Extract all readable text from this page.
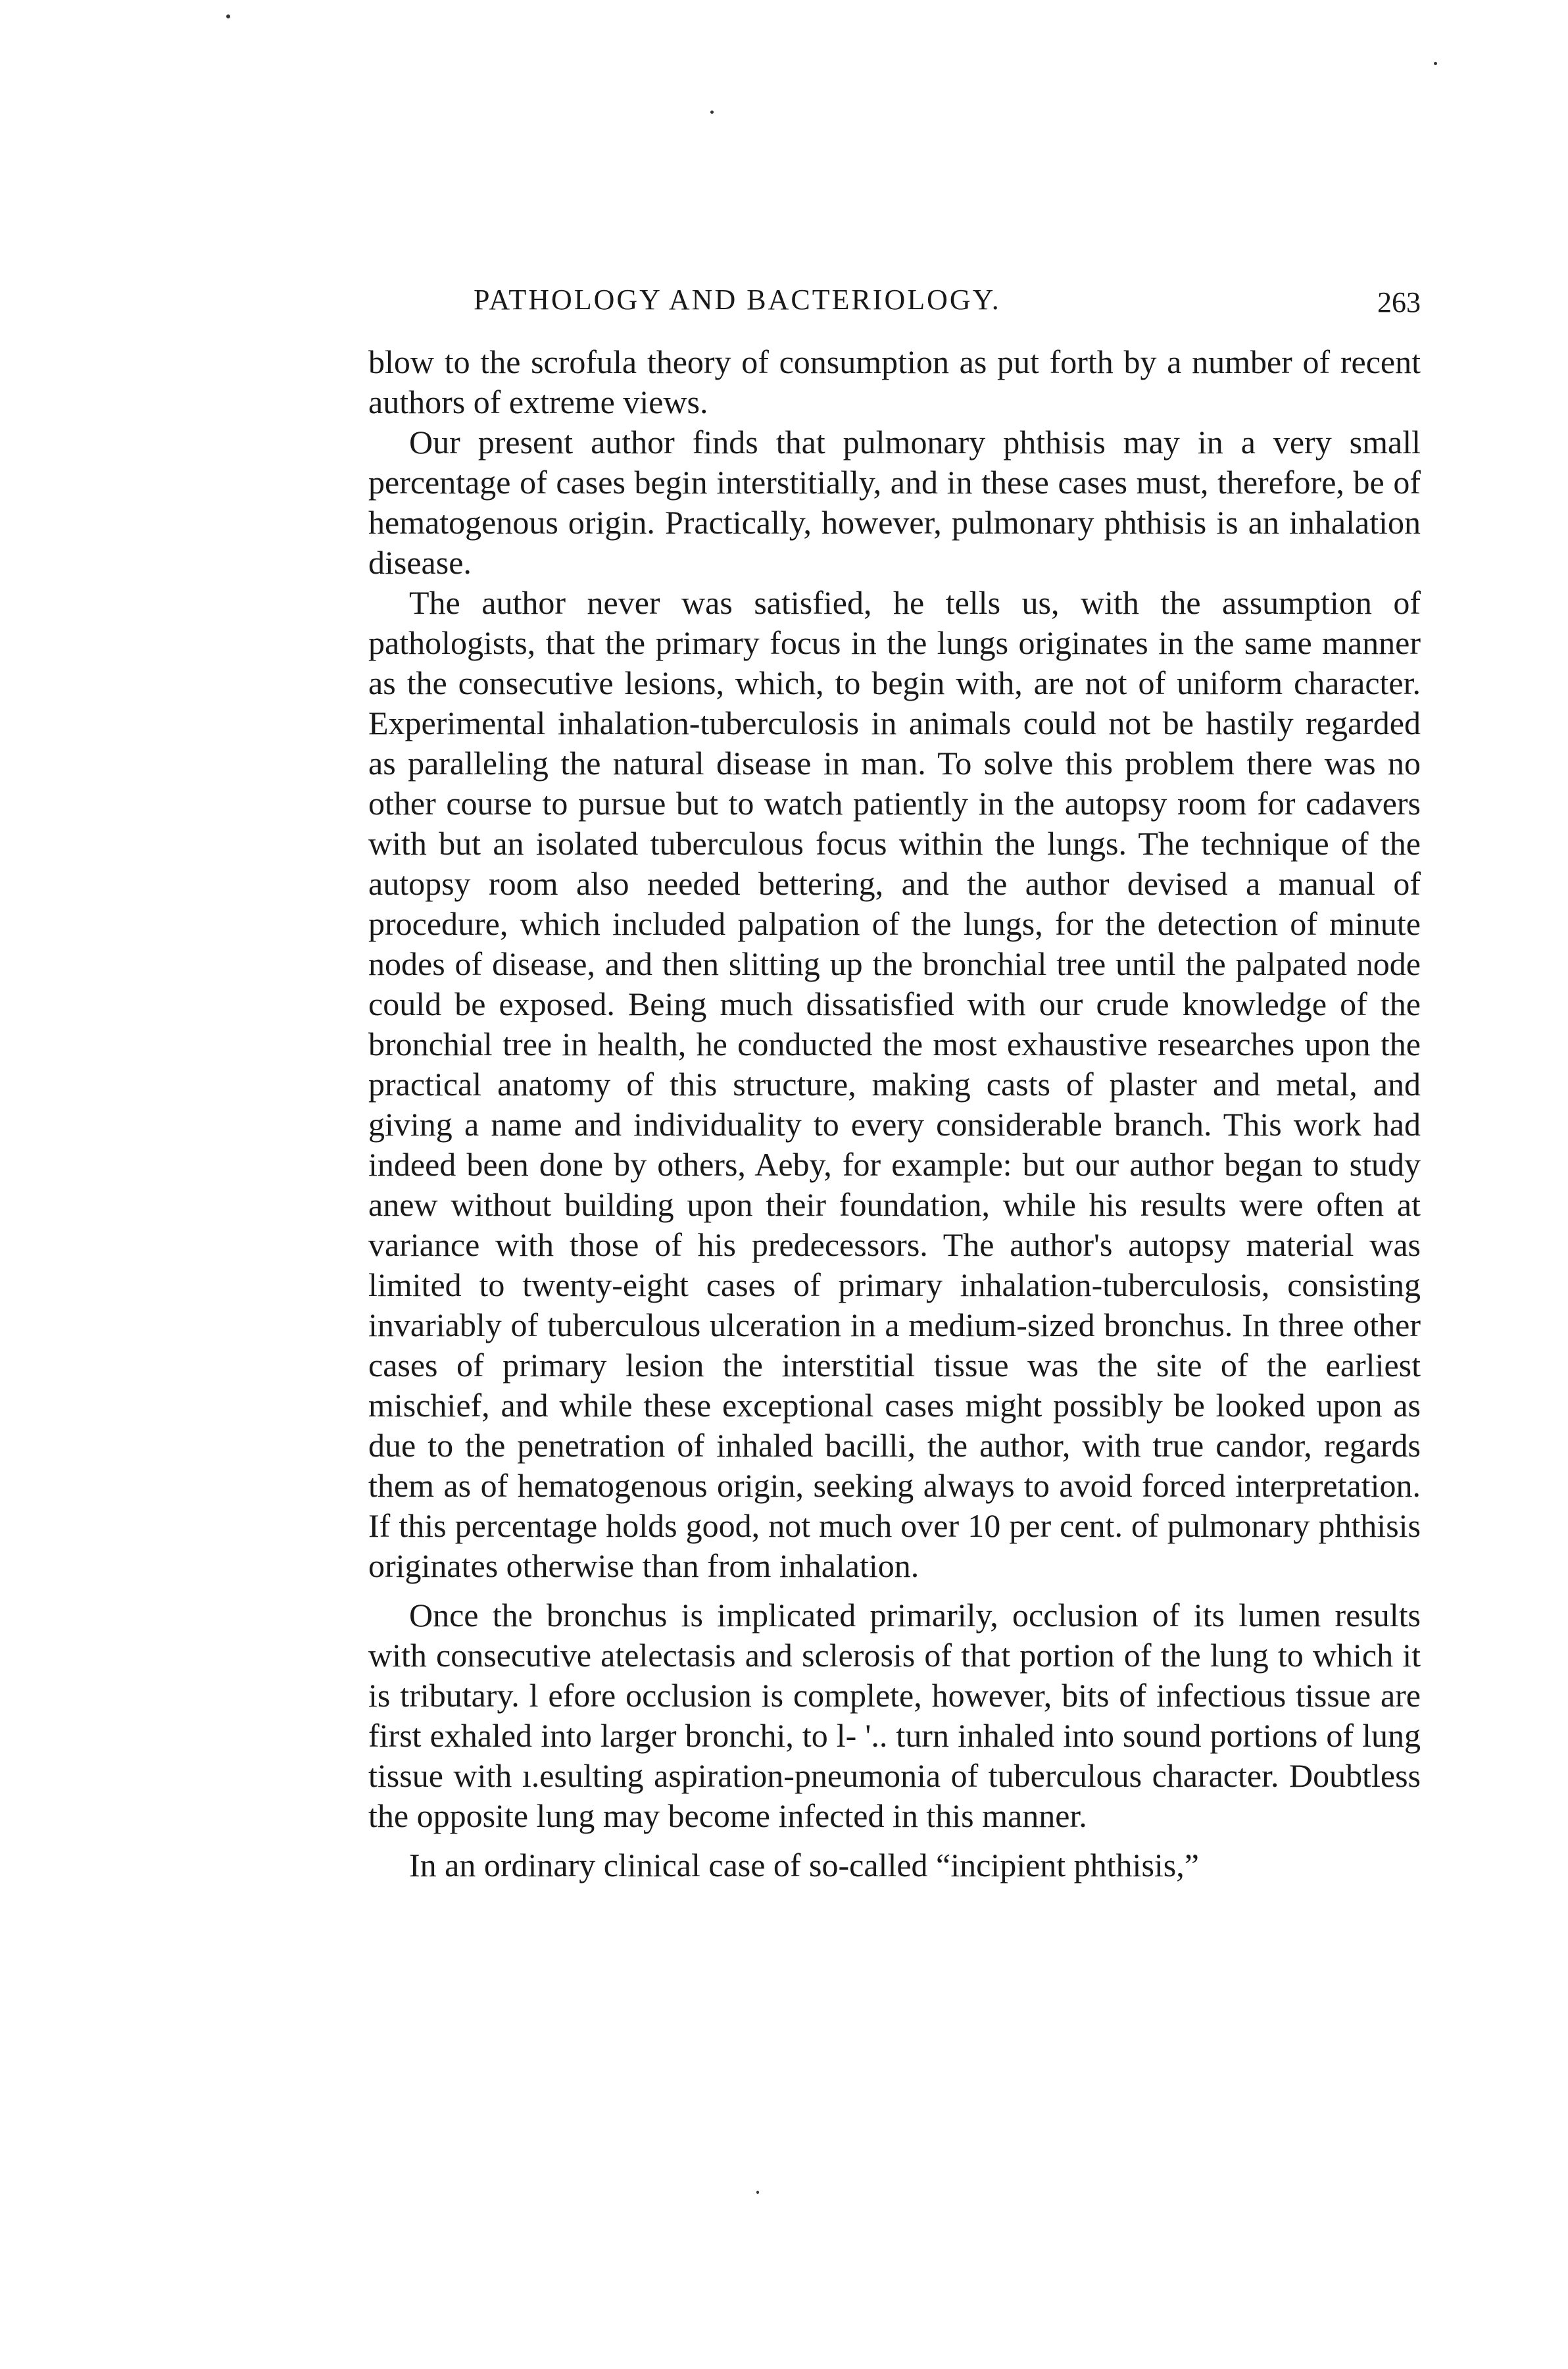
PATHOLOGY AND BACTERIOLOGY.	263

blow to the scrofula theory of consumption as put forth by a number of recent authors of extreme views.

Our present author finds that pulmonary phthisis may in a very small percentage of cases begin interstitially, and in these cases must, therefore, be of hematogenous origin. Practically, however, pulmonary phthisis is an inhalation disease.

The author never was satisfied, he tells us, with the assumption of pathologists, that the primary focus in the lungs originates in the same manner as the consecutive lesions, which, to begin with, are not of uniform character. Experimental inhalation-tuberculosis in animals could not be hastily regarded as paralleling the natural disease in man. To solve this problem there was no other course to pursue but to watch patiently in the autopsy room for cadavers with but an isolated tuberculous focus within the lungs. The technique of the autopsy room also needed bettering, and the author devised a manual of procedure, which included palpation of the lungs, for the detection of minute nodes of disease, and then slitting up the bronchial tree until the palpated node could be exposed. Being much dissatisfied with our crude knowledge of the bronchial tree in health, he conducted the most exhaustive researches upon the practical anatomy of this structure, making casts of plaster and metal, and giving a name and individuality to every considerable branch. This work had indeed been done by others, Aeby, for example: but our author began to study anew without building upon their foundation, while his results were often at variance with those of his predecessors. The author's autopsy material was limited to twenty-eight cases of primary inhalation-tuberculosis, consisting invariably of tuberculous ulceration in a medium-sized bronchus. In three other cases of primary lesion the interstitial tissue was the site of the earliest mischief, and while these exceptional cases might possibly be looked upon as due to the penetration of inhaled bacilli, the author, with true candor, regards them as of hematogenous origin, seeking always to avoid forced interpretation. If this percentage holds good, not much over 10 per cent. of pulmonary phthisis originates otherwise than from inhalation.

Once the bronchus is implicated primarily, occlusion of its lumen results with consecutive atelectasis and sclerosis of that portion of the lung to which it is tributary. l efore occlusion is complete, however, bits of infectious tissue are first exhaled into larger bronchi, to l- '.. turn inhaled into sound portions of lung tissue with ı.esulting aspiration-pneumonia of tuberculous character. Doubtless the opposite lung may become infected in this manner.

In an ordinary clinical case of so-called “incipient phthisis,”
